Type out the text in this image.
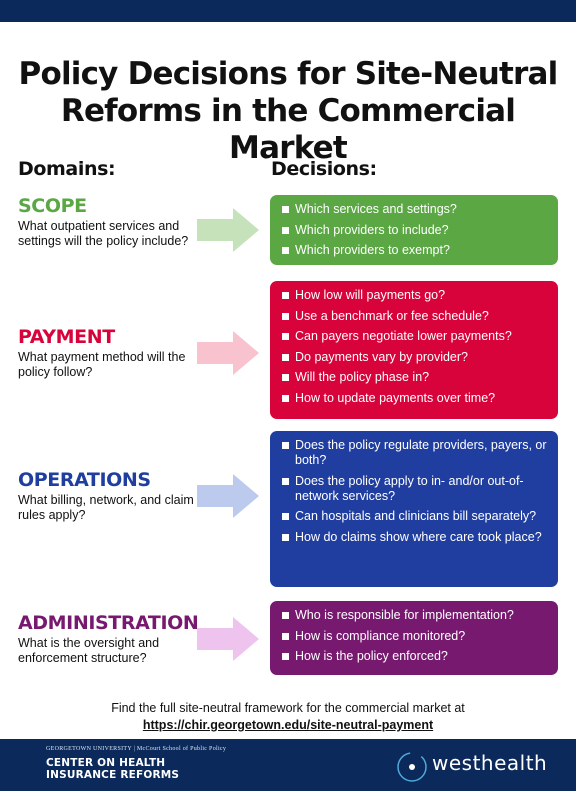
Policy Decisions for Site-Neutral
Reforms in the Commercial Market
Domains:	Decisions:
SCOPE
What outpatient services and settings will the policy include?
Which services and settings?
Which providers to include?
Which providers to exempt?
PAYMENT
What payment method will the policy follow?
How low will payments go?
Use a benchmark or fee schedule?
Can payers negotiate lower payments?
Do payments vary by provider?
Will the policy phase in?
How to update payments over time?
OPERATIONS
What billing, network, and claim rules apply?
Does the policy regulate providers, payers, or both?
Does the policy apply to in- and/or out-of-network services?
Can hospitals and clinicians bill separately?
How do claims show where care took place?
ADMINISTRATION
What is the oversight and enforcement structure?
Who is responsible for implementation?
How is compliance monitored?
How is the policy enforced?
Find the full site-neutral framework for the commercial market at
https://chir.georgetown.edu/site-neutral-payment
GEORGETOWN UNIVERSITY | McCourt School of Public Policy
CENTER ON HEALTH
INSURANCE REFORMS	westhealth
